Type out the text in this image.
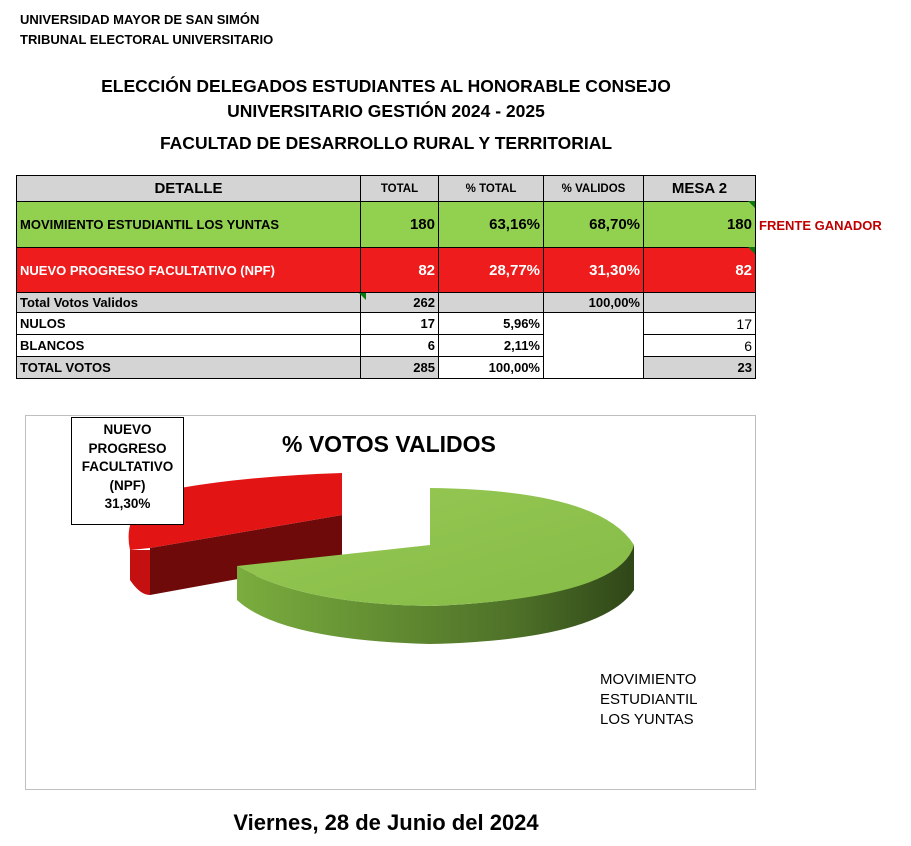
UNIVERSIDAD MAYOR DE SAN SIMÓN
TRIBUNAL ELECTORAL UNIVERSITARIO
ELECCIÓN DELEGADOS ESTUDIANTES AL HONORABLE CONSEJO
UNIVERSITARIO GESTIÓN 2024 - 2025
FACULTAD DE DESARROLLO RURAL Y TERRITORIAL
DETALLE	TOTAL	% TOTAL	% VALIDOS	MESA 2
MOVIMIENTO ESTUDIANTIL LOS YUNTAS	180	63,16%	68,70%	180
NUEVO PROGRESO FACULTATIVO (NPF)	82	28,77%	31,30%	82
Total Votos Validos	262		100,00%	
NULOS	17	5,96%		17
BLANCOS	6	2,11%		6
TOTAL VOTOS	285	100,00%		23
FRENTE GANADOR
% VOTOS VALIDOS
NUEVO
PROGRESO
FACULTATIVO
(NPF)
31,30%
MOVIMIENTO
ESTUDIANTIL
LOS YUNTAS
Viernes, 28 de Junio del 2024
